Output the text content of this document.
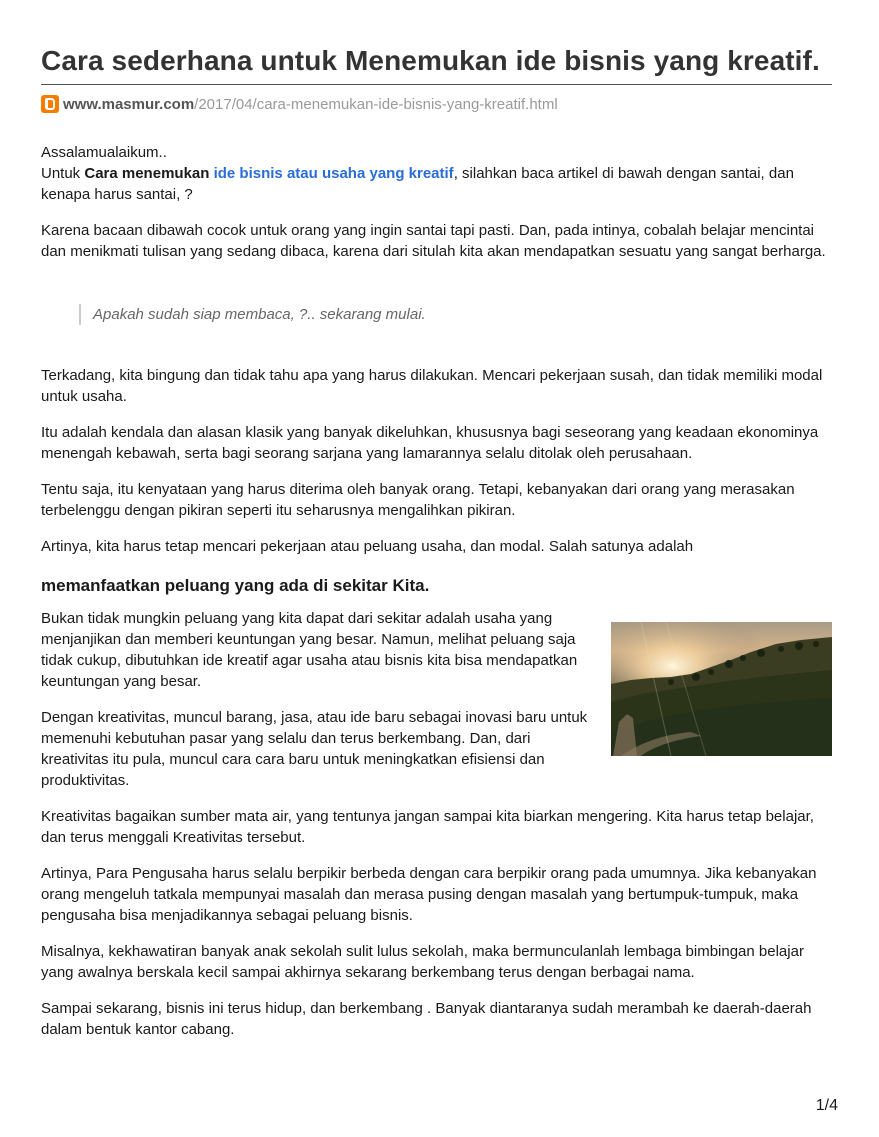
Cara sederhana untuk Menemukan ide bisnis yang kreatif.
www.masmur.com /2017/04/cara-menemukan-ide-bisnis-yang-kreatif.html

Assalamualaikum..
Untuk Cara menemukan ide bisnis atau usaha yang kreatif, silahkan baca artikel di bawah dengan santai, dan kenapa harus santai, ?

Karena bacaan dibawah cocok untuk orang yang ingin santai tapi pasti. Dan, pada intinya, cobalah belajar mencintai dan menikmati tulisan yang sedang dibaca, karena dari situlah kita akan mendapatkan sesuatu yang sangat berharga.

Apakah sudah siap membaca, ?.. sekarang mulai.

Terkadang, kita bingung dan tidak tahu apa yang harus dilakukan. Mencari pekerjaan susah, dan tidak memiliki modal untuk usaha.

Itu adalah kendala dan alasan klasik yang banyak dikeluhkan, khususnya bagi seseorang yang keadaan ekonominya menengah kebawah, serta bagi seorang sarjana yang lamarannya selalu ditolak oleh perusahaan.

Tentu saja, itu kenyataan yang harus diterima oleh banyak orang. Tetapi, kebanyakan dari orang yang merasakan terbelenggu dengan pikiran seperti itu seharusnya mengalihkan pikiran.

Artinya, kita harus tetap mencari pekerjaan atau peluang usaha, dan modal. Salah satunya adalah

memanfaatkan peluang yang ada di sekitar Kita.

Bukan tidak mungkin peluang yang kita dapat dari sekitar adalah usaha yang menjanjikan dan memberi keuntungan yang besar. Namun, melihat peluang saja tidak cukup, dibutuhkan ide kreatif agar usaha atau bisnis kita bisa mendapatkan keuntungan yang besar.

Dengan kreativitas, muncul barang, jasa, atau ide baru sebagai inovasi baru untuk memenuhi kebutuhan pasar yang selalu dan terus berkembang. Dan, dari kreativitas itu pula, muncul cara cara baru untuk meningkatkan efisiensi dan produktivitas.

Kreativitas bagaikan sumber mata air, yang tentunya jangan sampai kita biarkan mengering. Kita harus tetap belajar, dan terus menggali Kreativitas tersebut.

Artinya, Para Pengusaha harus selalu berpikir berbeda dengan cara berpikir orang pada umumnya. Jika kebanyakan orang mengeluh tatkala mempunyai masalah dan merasa pusing dengan masalah yang bertumpuk-tumpuk, maka pengusaha bisa menjadikannya sebagai peluang bisnis.

Misalnya, kekhawatiran banyak anak sekolah sulit lulus sekolah, maka bermunculanlah lembaga bimbingan belajar yang awalnya berskala kecil sampai akhirnya sekarang berkembang terus dengan berbagai nama.

Sampai sekarang, bisnis ini terus hidup, dan berkembang . Banyak diantaranya sudah merambah ke daerah-daerah dalam bentuk kantor cabang.

1/4
